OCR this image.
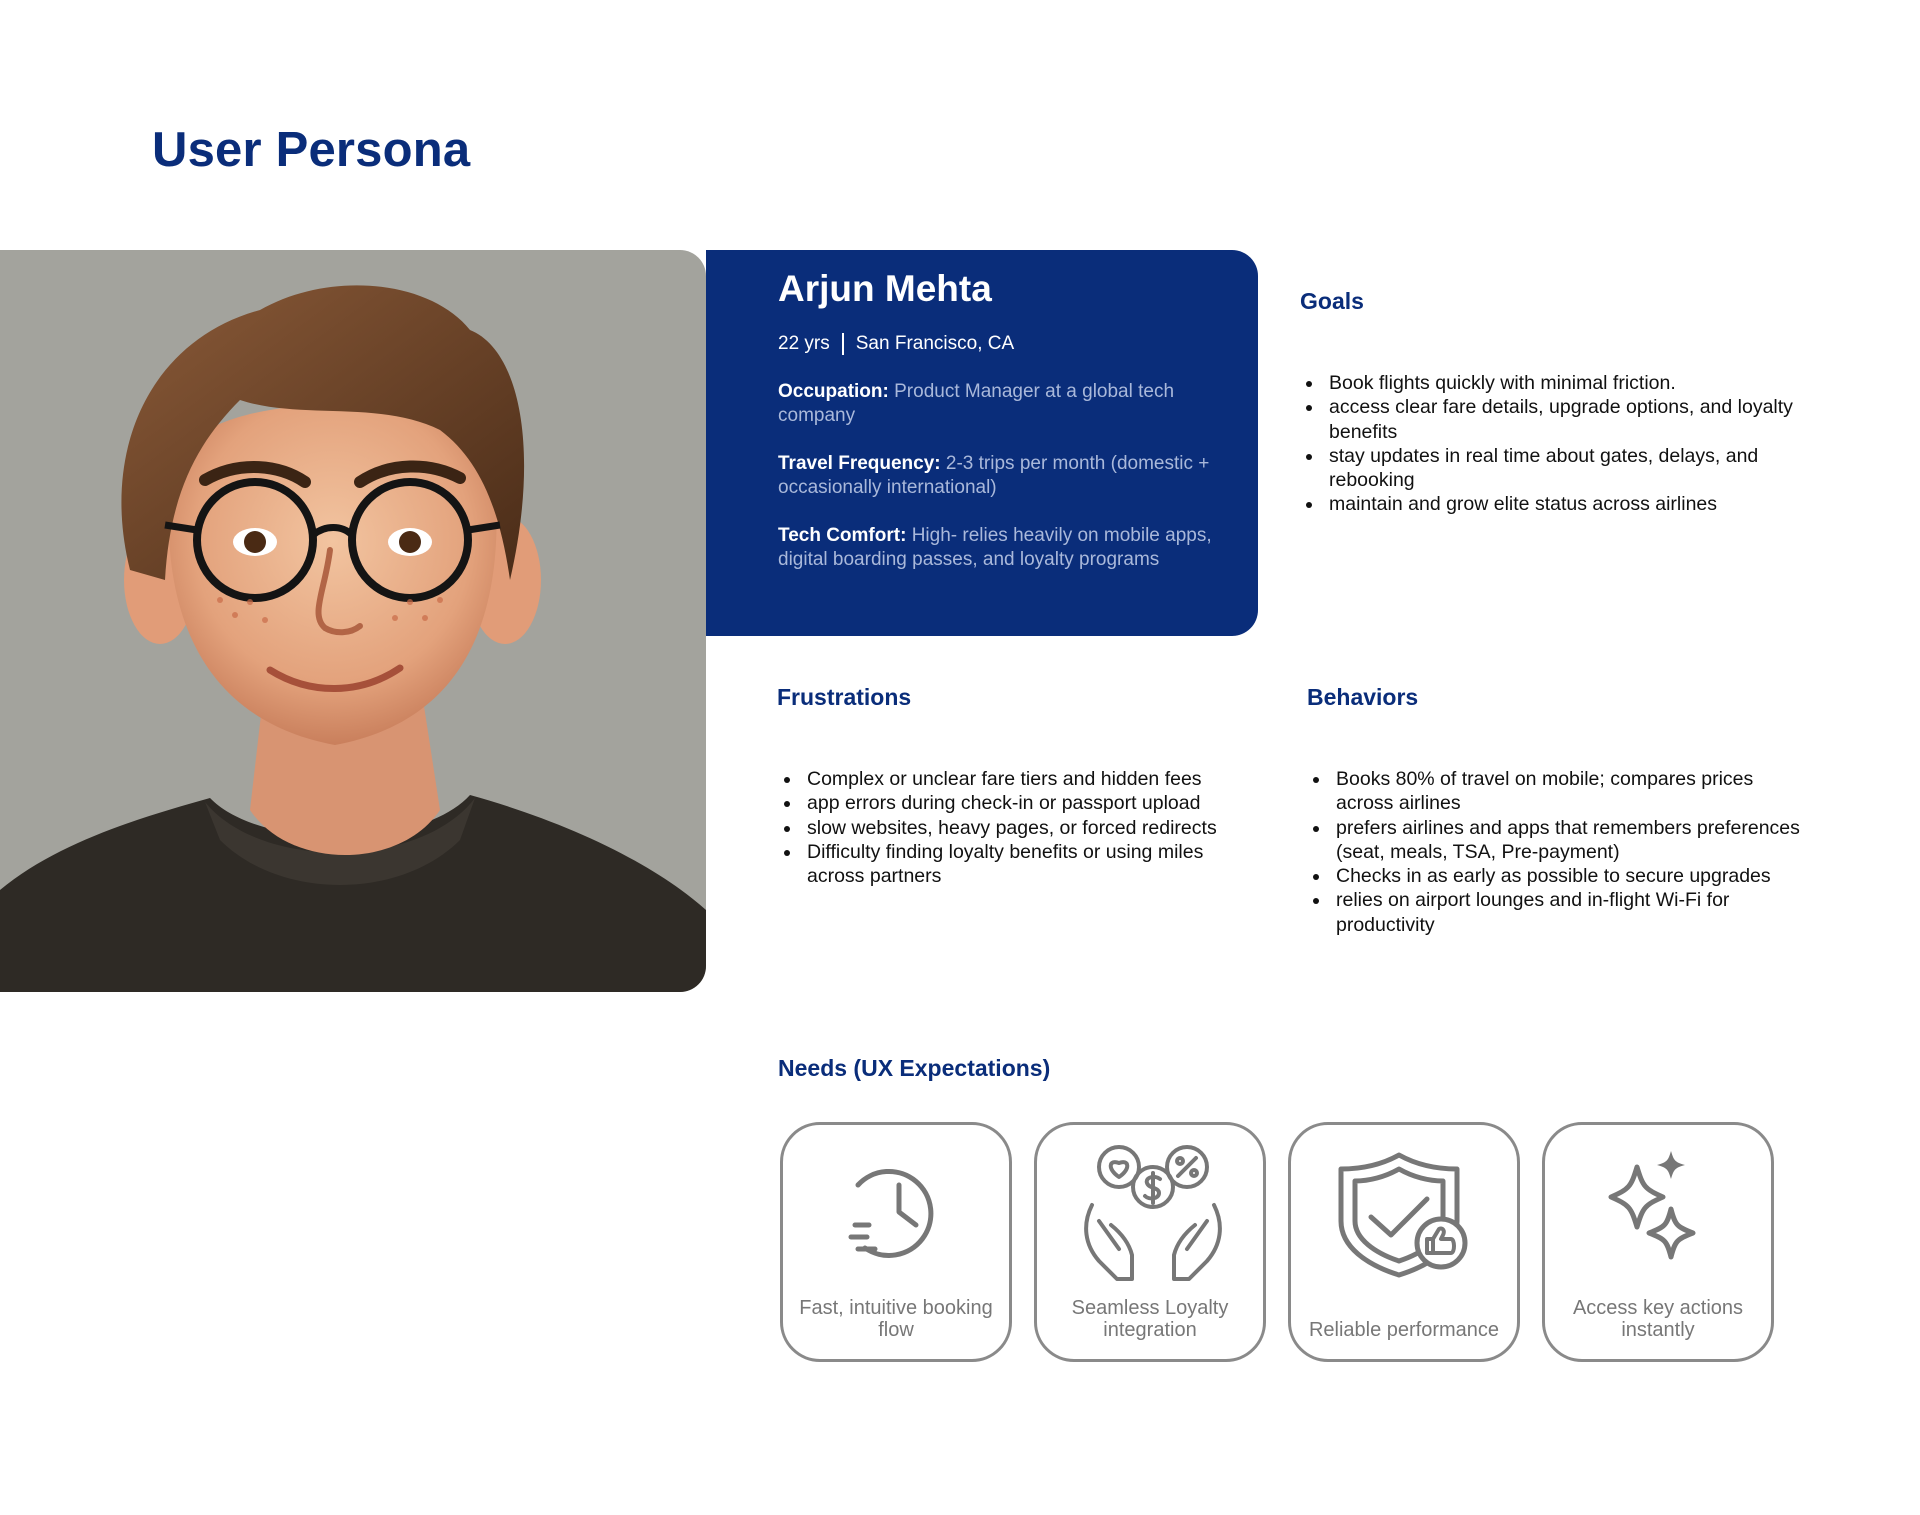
User Persona
Arjun Mehta
22 yrs San Francisco, CA
Occupation: Product Manager at a global tech company
Travel Frequency: 2-3 trips per month (domestic + occasionally international)
Tech Comfort: High- relies heavily on mobile apps, digital boarding passes, and loyalty programs
Goals
Book flights quickly with minimal friction.
access clear fare details, upgrade options, and loyalty benefits
stay updates in real time about gates, delays, and rebooking
maintain and grow elite status across airlines
Frustrations
Complex or unclear fare tiers and hidden fees
app errors during check-in or passport upload
slow websites, heavy pages, or forced redirects
Difficulty finding loyalty benefits or using miles across partners
Behaviors
Books 80% of travel on mobile; compares prices across airlines
prefers airlines and apps that remembers preferences (seat, meals, TSA, Pre-payment)
Checks in as early as possible to secure upgrades
relies on airport lounges and in-flight Wi-Fi for productivity
Needs (UX Expectations)
Fast, intuitive booking flow
Seamless Loyalty integration	Reliable performance
Access key actions instantly
